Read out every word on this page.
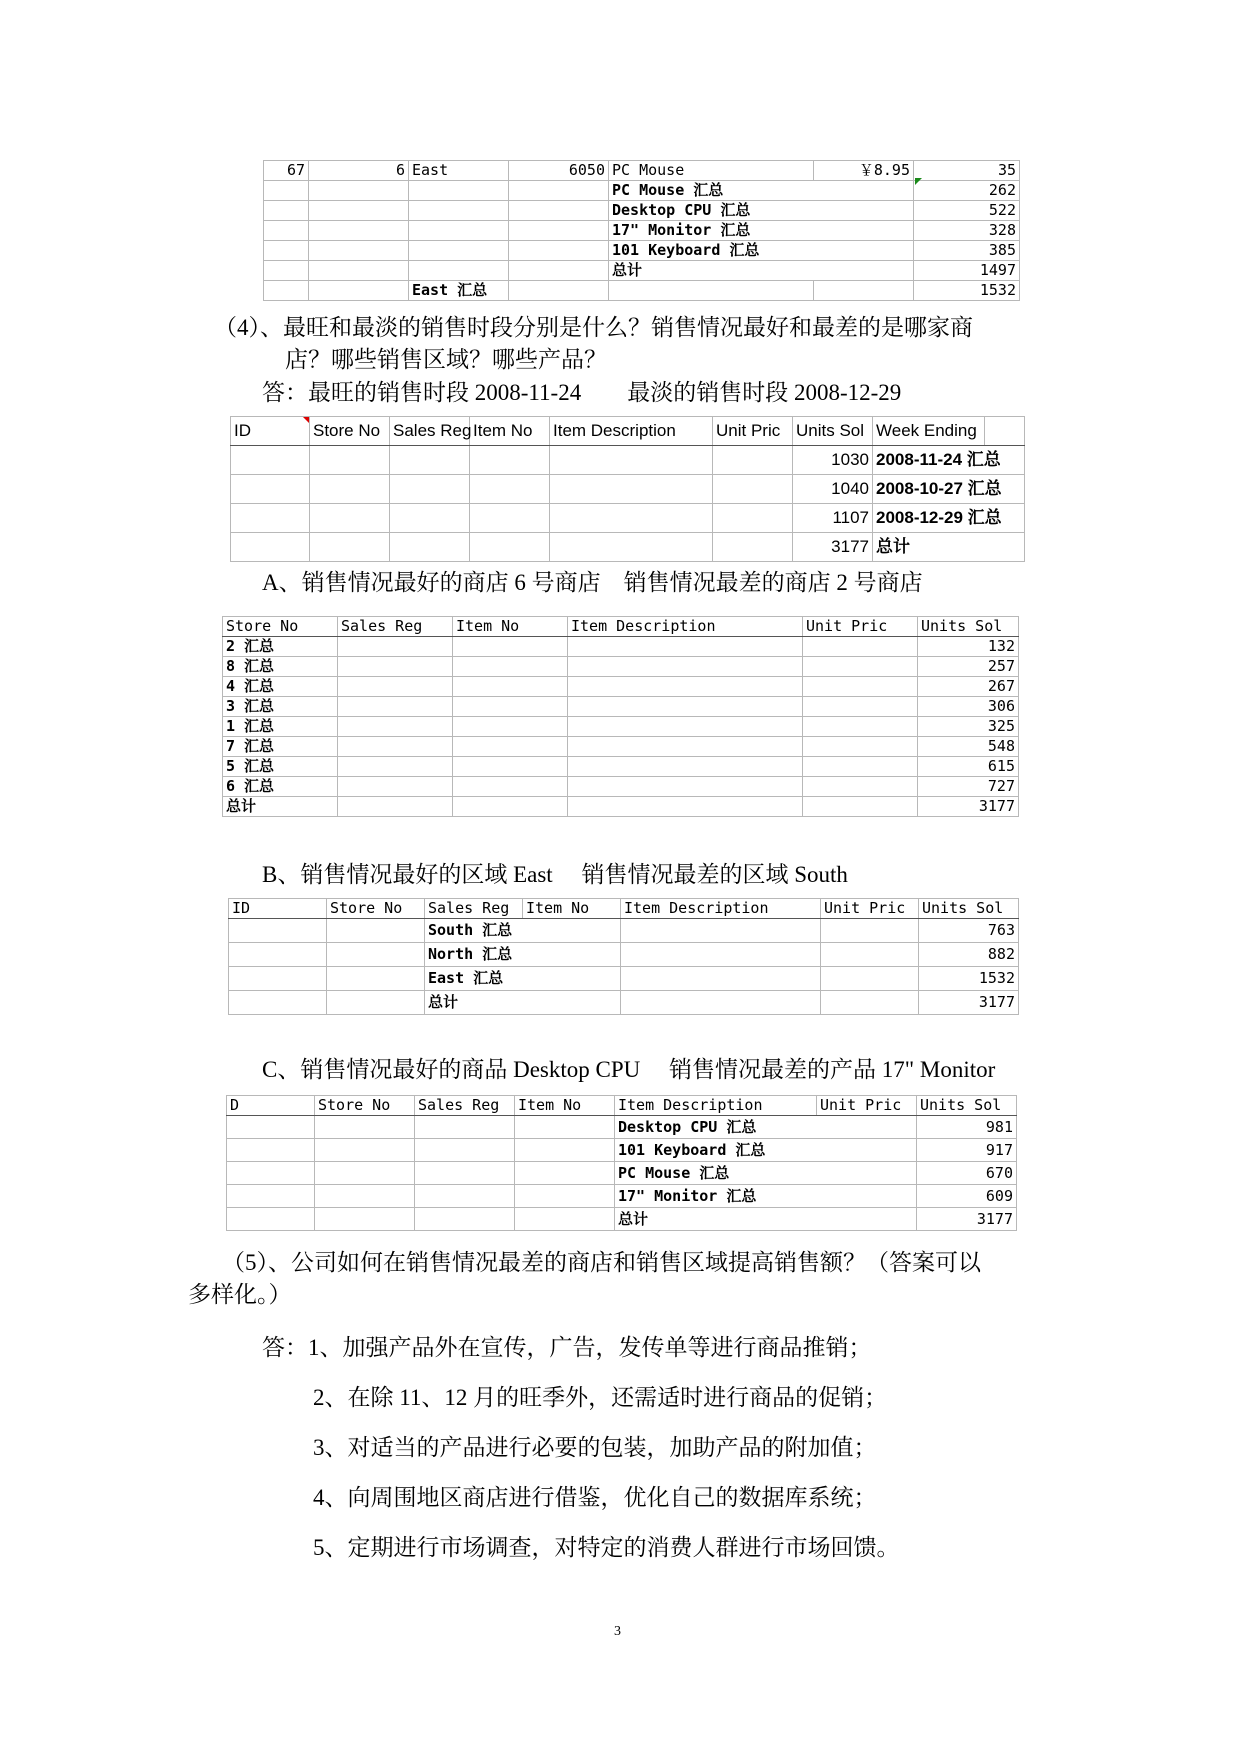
67	6	East	6050	PC Mouse	￥8.95	35
				PC Mouse 汇总		262
				Desktop CPU 汇总		522
				17" Monitor 汇总		328
				101 Keyboard 汇总		385
				总计		1497
		East 汇总				1532
（4）、最旺和最淡的销售时段分别是什么？销售情况最好和最差的是哪家商
店？哪些销售区域？哪些产品？
答：最旺的销售时段 2008-11-24　　最淡的销售时段 2008-12-29
ID	Store No	Sales Reg	Item No	Item Description	Unit Pric	Units Sol	Week Ending	
						1030	2008-11-24 汇总	
						1040	2008-10-27 汇总	
						1107	2008-12-29 汇总	
						3177	总计	
A、销售情况最好的商店 6 号商店　销售情况最差的商店 2 号商店
Store No	Sales Reg	Item No	Item Description	Unit Pric	Units Sol
2 汇总					132
8 汇总					257
4 汇总					267
3 汇总					306
1 汇总					325
7 汇总					548
5 汇总					615
6 汇总					727
总计					3177
B、销售情况最好的区域 East　 销售情况最差的区域 South
ID	Store No	Sales Reg	Item No	Item Description	Unit Pric	Units Sol
		South 汇总				763
		North 汇总				882
		East 汇总				1532
		总计				3177
C、销售情况最好的商品 Desktop CPU　 销售情况最差的产品 17" Monitor
D	Store No	Sales Reg	Item No	Item Description	Unit Pric	Units Sol
				Desktop CPU 汇总		981
				101 Keyboard 汇总		917
				PC Mouse 汇总		670
				17" Monitor 汇总		609
				总计		3177
（5）、公司如何在销售情况最差的商店和销售区域提高销售额？（答案可以
多样化。）
答：1、加强产品外在宣传，广告，发传单等进行商品推销；
2、在除 11、12 月的旺季外，还需适时进行商品的促销；
3、对适当的产品进行必要的包装，加助产品的附加值；
4、向周围地区商店进行借鉴，优化自己的数据库系统；
5、定期进行市场调查，对特定的消费人群进行市场回馈。
3
